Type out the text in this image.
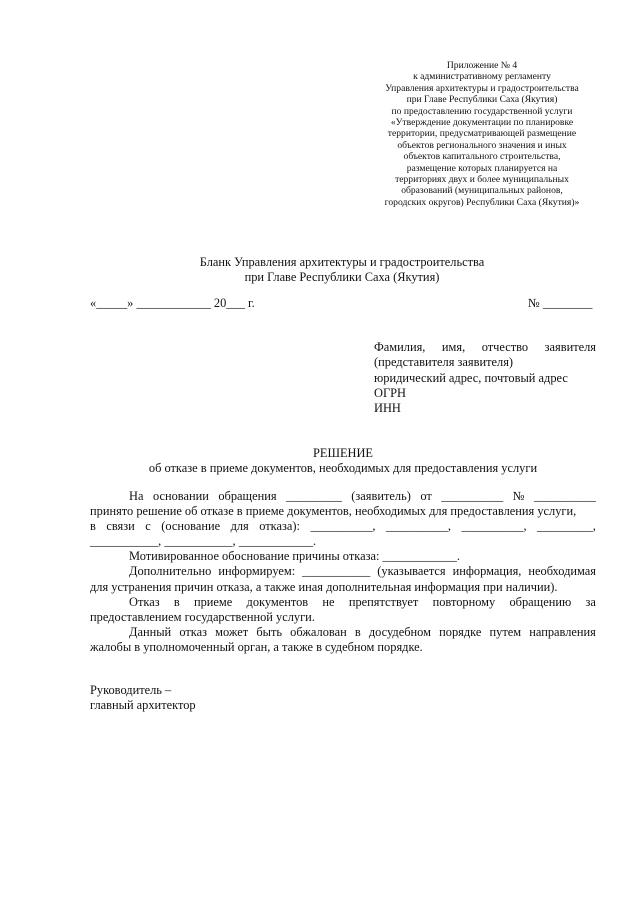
Приложение № 4
к административному регламенту
Управления архитектуры и градостроительства
при Главе Республики Саха (Якутия)
по предоставлению государственной услуги
«Утверждение документации по планировке
территории, предусматривающей размещение
объектов регионального значения и иных
объектов капитального строительства,
размещение которых планируется на
территориях двух и более муниципальных
образований (муниципальных районов,
городских округов) Республики Саха (Якутия)»
Бланк Управления архитектуры и градостроительства
при Главе Республики Саха (Якутия)
«_____» ____________ 20___ г.	№ ________
Фамилия, имя, отчество заявителя
(представителя заявителя)
юридический адрес, почтовый адрес
ОГРН
ИНН
РЕШЕНИЕ
об отказе в приеме документов, необходимых для предоставления услуги
На основании обращения _________ (заявитель) от __________ № __________
принято решение об отказе в приеме документов, необходимых для предоставления услуги,
в связи с (основание для отказа): __________, __________, __________, _________,
___________, ___________, ____________.
Мотивированное обоснование причины отказа: ____________.
Дополнительно информируем: ___________ (указывается информация, необходимая
для устранения причин отказа, а также иная дополнительная информация при наличии).
Отказ в приеме документов не препятствует повторному обращению за
предоставлением государственной услуги.
Данный отказ может быть обжалован в досудебном порядке путем направления
жалобы в уполномоченный орган, а также в судебном порядке.
Руководитель –
главный архитектор
